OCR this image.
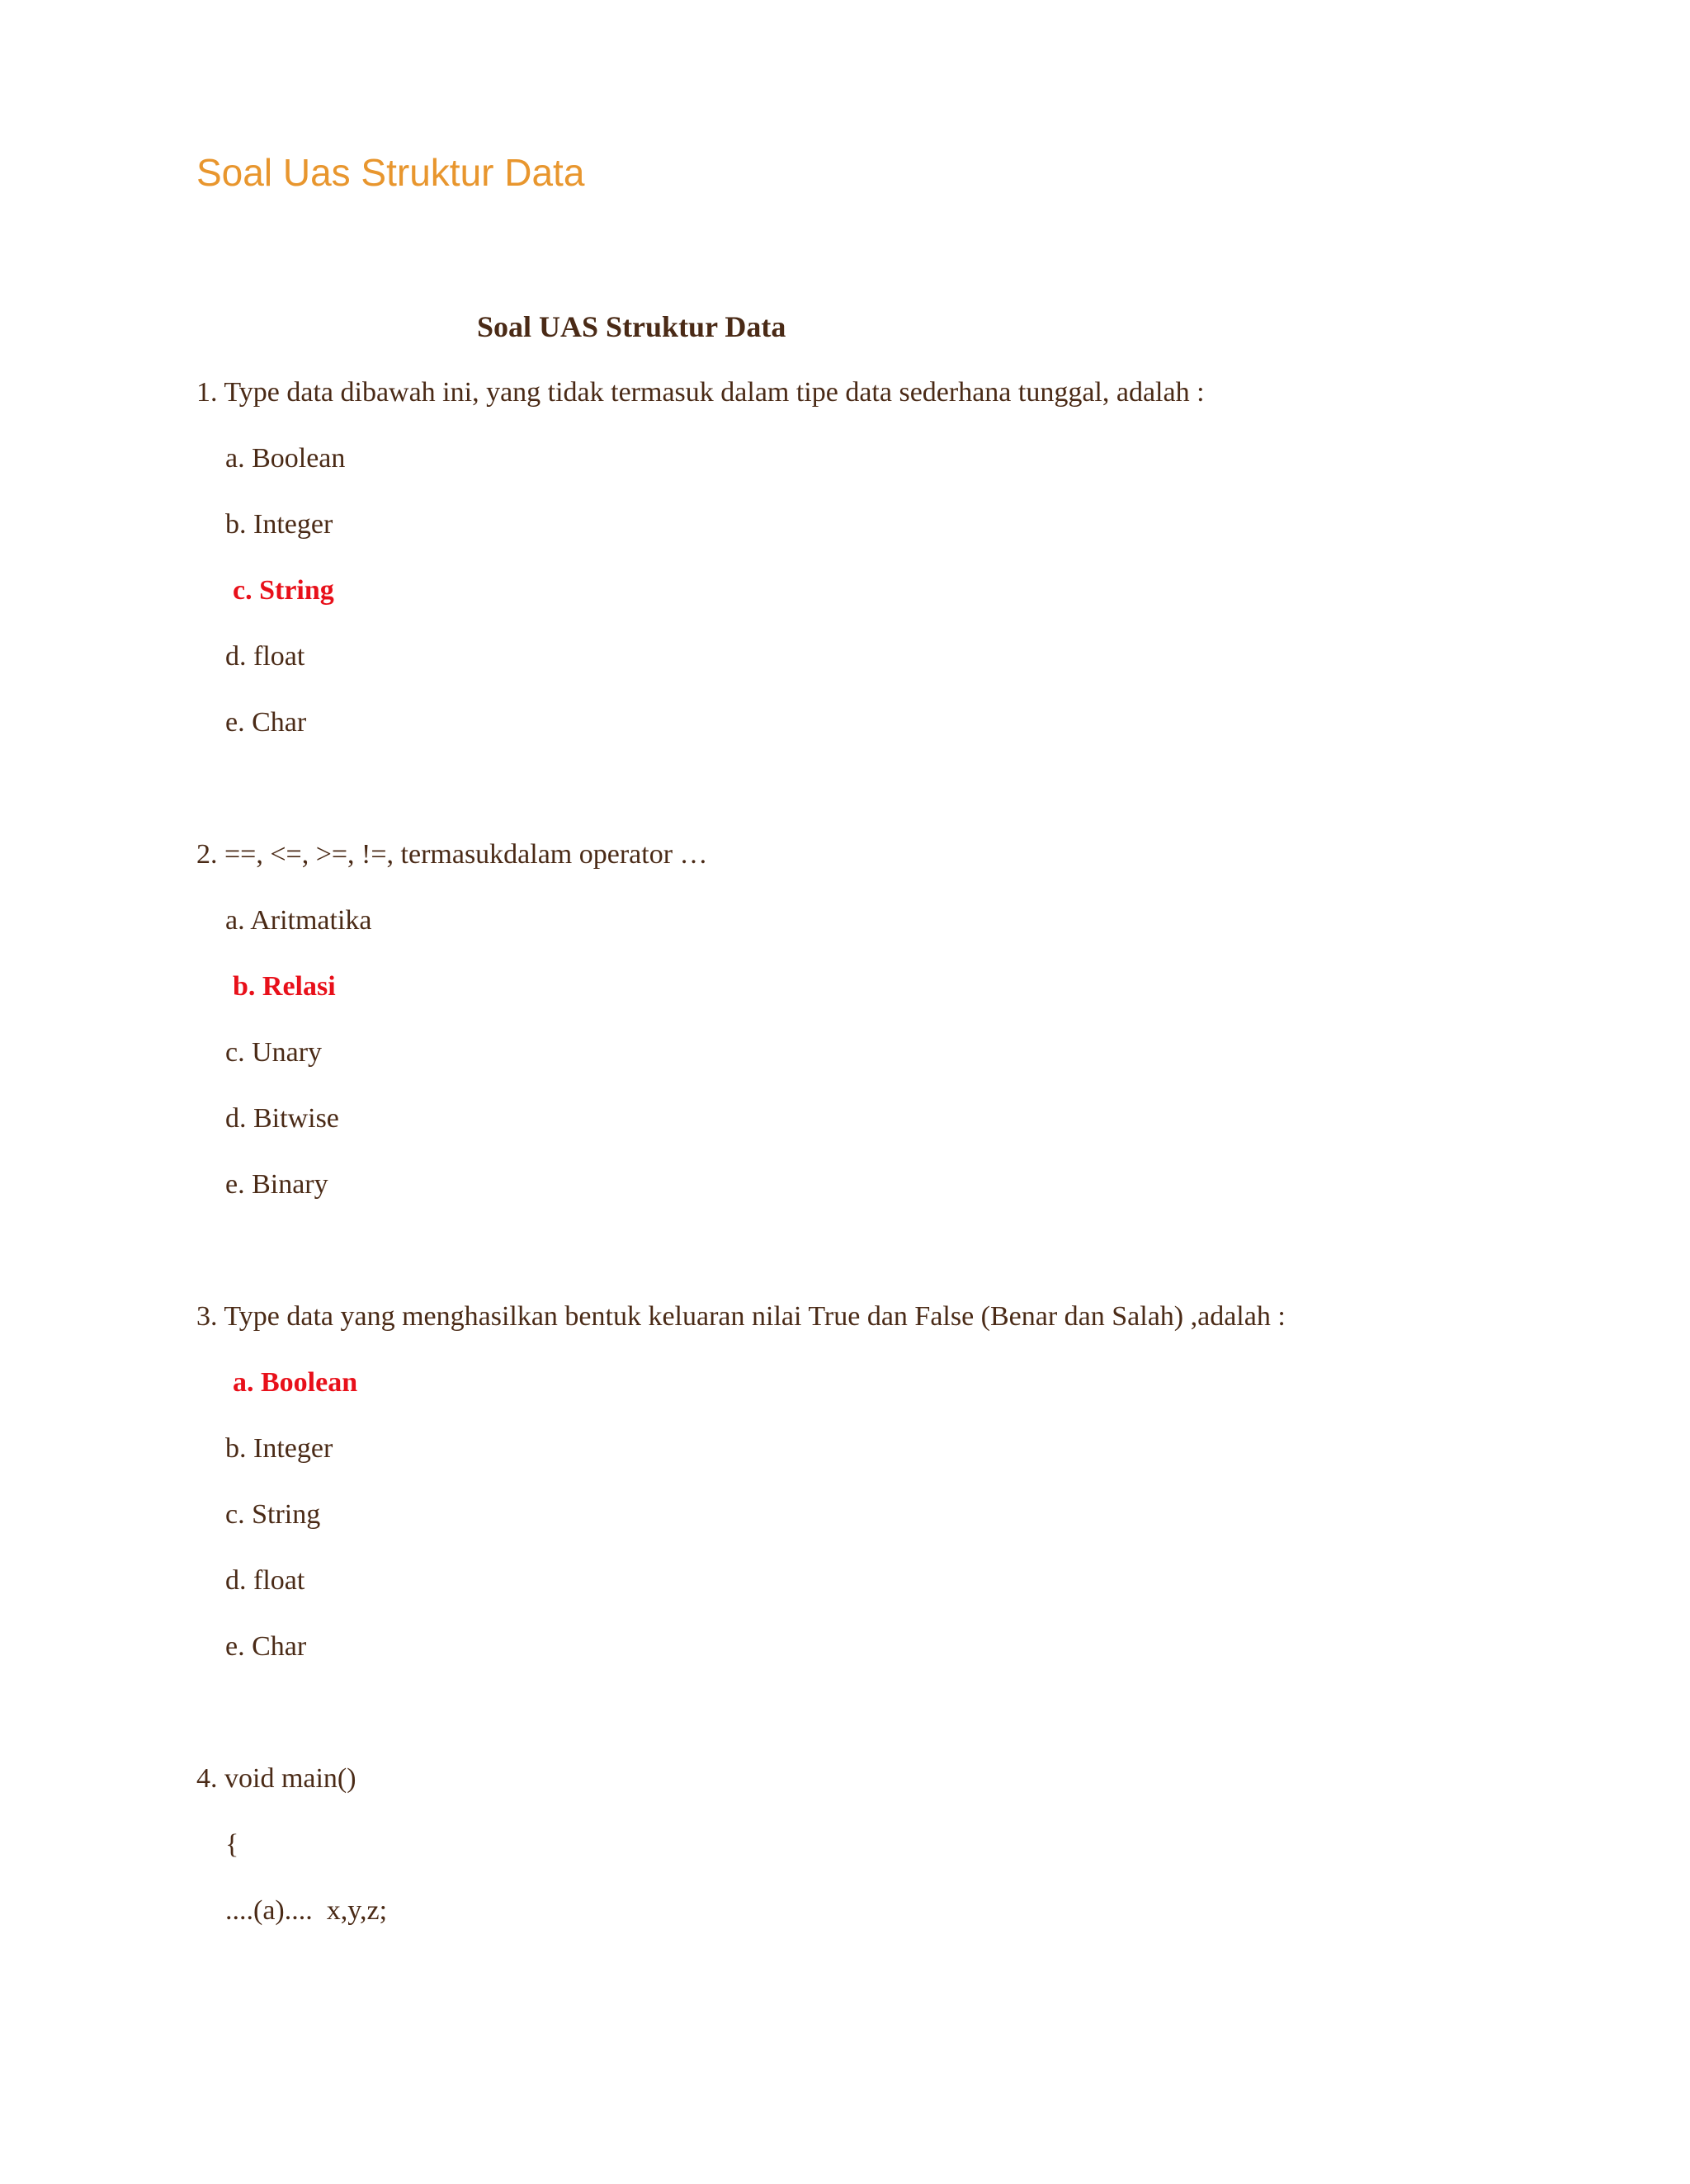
Soal Uas Struktur Data
Soal UAS Struktur Data

1. Type data dibawah ini, yang tidak termasuk dalam tipe data sederhana tunggal, adalah :

a. Boolean
b. Integer
c. String
d. float
e. Char

2. ==, <=, >=, !=, termasukdalam operator …

a. Aritmatika
b. Relasi
c. Unary
d. Bitwise
e. Binary

3. Type data yang menghasilkan bentuk keluaran nilai True dan False (Benar dan Salah) ,adalah :

a. Boolean
b. Integer
c. String
d. float
e. Char

4. void main()

{
....(a)....  x,y,z;
